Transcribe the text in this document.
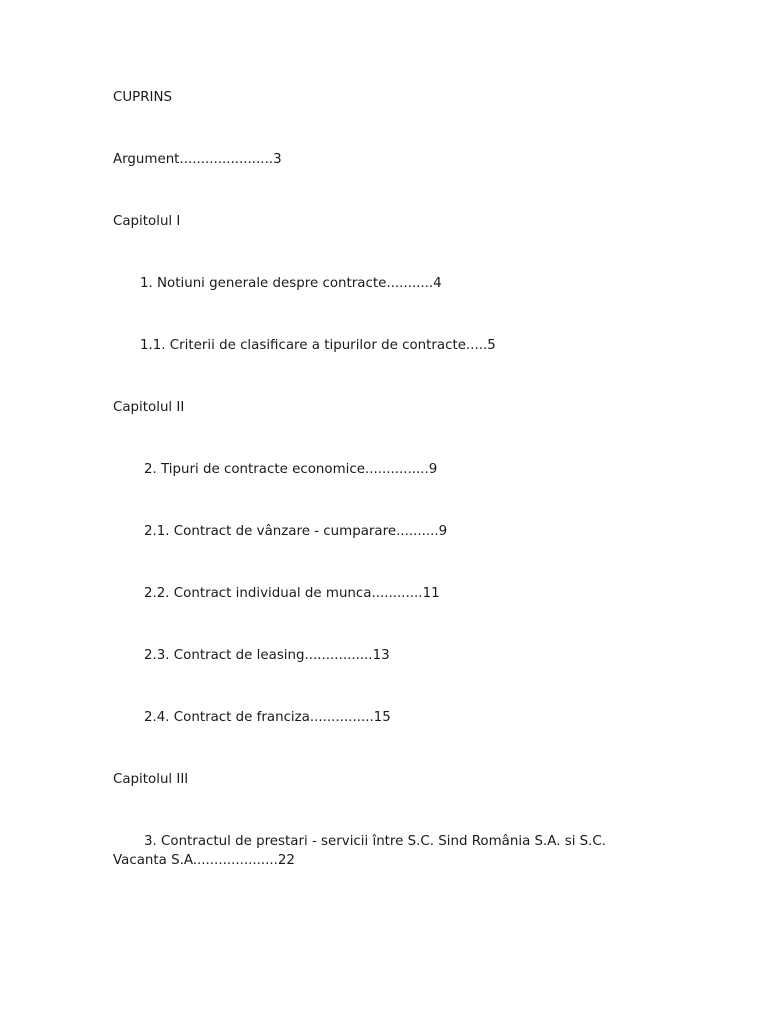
CUPRINS
Argument......................3
Capitolul I
1. Notiuni generale despre contracte...........4
1.1. Criterii de clasificare a tipurilor de contracte.....5
Capitolul II
2. Tipuri de contracte economice...............9
2.1. Contract de vânzare - cumparare..........9
2.2. Contract individual de munca............11
2.3. Contract de leasing................13
2.4. Contract de franciza...............15
Capitolul III
3. Contractul de prestari - servicii între S.C. Sind România S.A. si S.C.
Vacanta S.A....................22
